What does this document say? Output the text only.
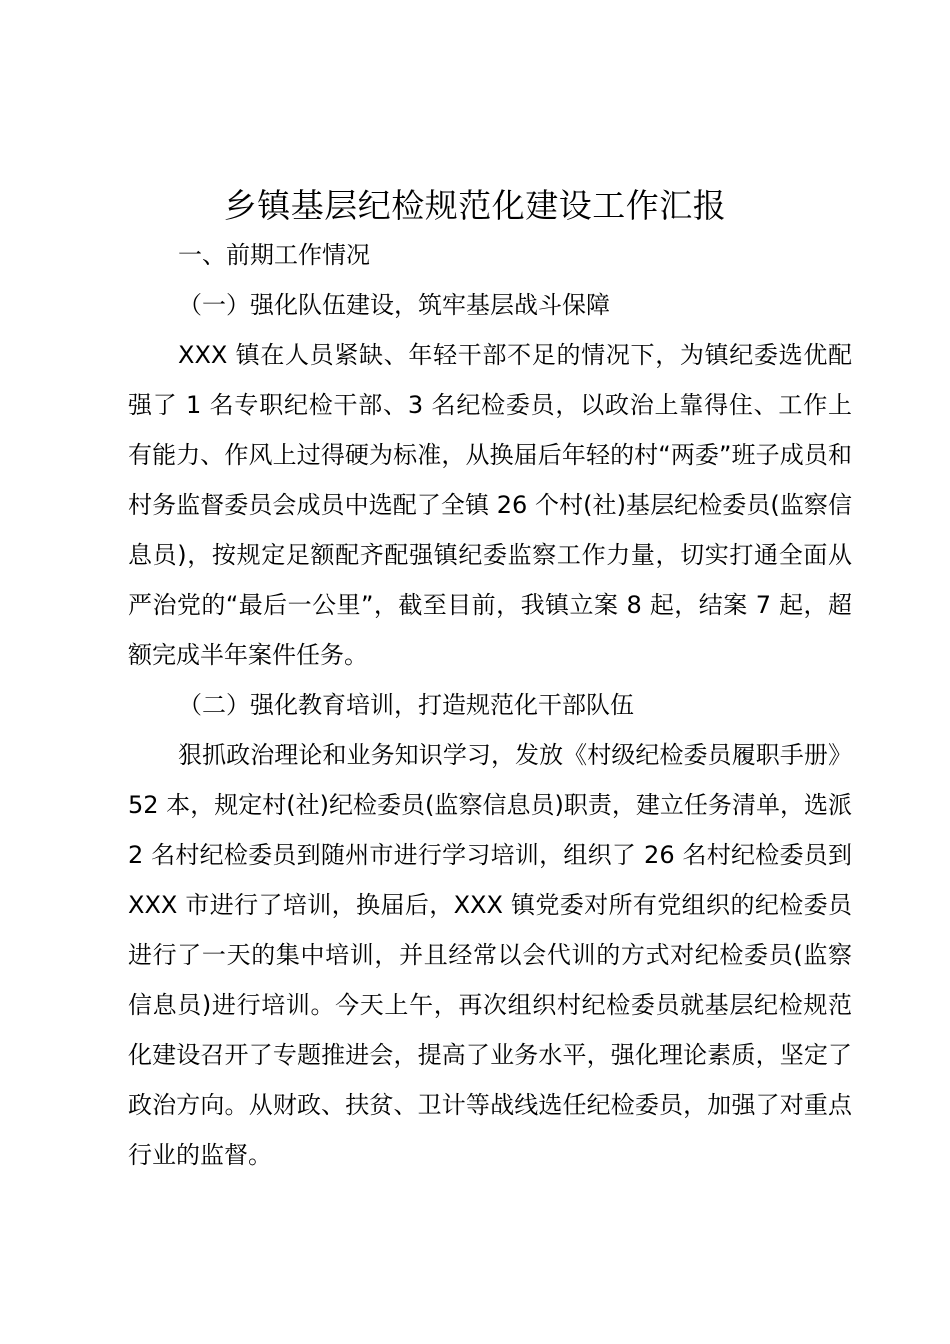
乡镇基层纪检规范化建设工作汇报

一、前期工作情况

（一）强化队伍建设，筑牢基层战斗保障

XXX 镇在人员紧缺、年轻干部不足的情况下，为镇纪委选优配强了 1 名专职纪检干部、3 名纪检委员，以政治上靠得住、工作上有能力、作风上过得硬为标准，从换届后年轻的村“两委”班子成员和村务监督委员会成员中选配了全镇 26 个村(社)基层纪检委员(监察信息员)，按规定足额配齐配强镇纪委监察工作力量，切实打通全面从严治党的“最后一公里”，截至目前，我镇立案 8 起，结案 7 起，超额完成半年案件任务。

（二）强化教育培训，打造规范化干部队伍

狠抓政治理论和业务知识学习，发放《村级纪检委员履职手册》52 本，规定村(社)纪检委员(监察信息员)职责，建立任务清单，选派 2 名村纪检委员到随州市进行学习培训，组织了 26 名村纪检委员到 XXX 市进行了培训，换届后，XXX 镇党委对所有党组织的纪检委员进行了一天的集中培训，并且经常以会代训的方式对纪检委员(监察信息员)进行培训。今天上午，再次组织村纪检委员就基层纪检规范化建设召开了专题推进会，提高了业务水平，强化理论素质，坚定了政治方向。从财政、扶贫、卫计等战线选任纪检委员，加强了对重点行业的监督。
